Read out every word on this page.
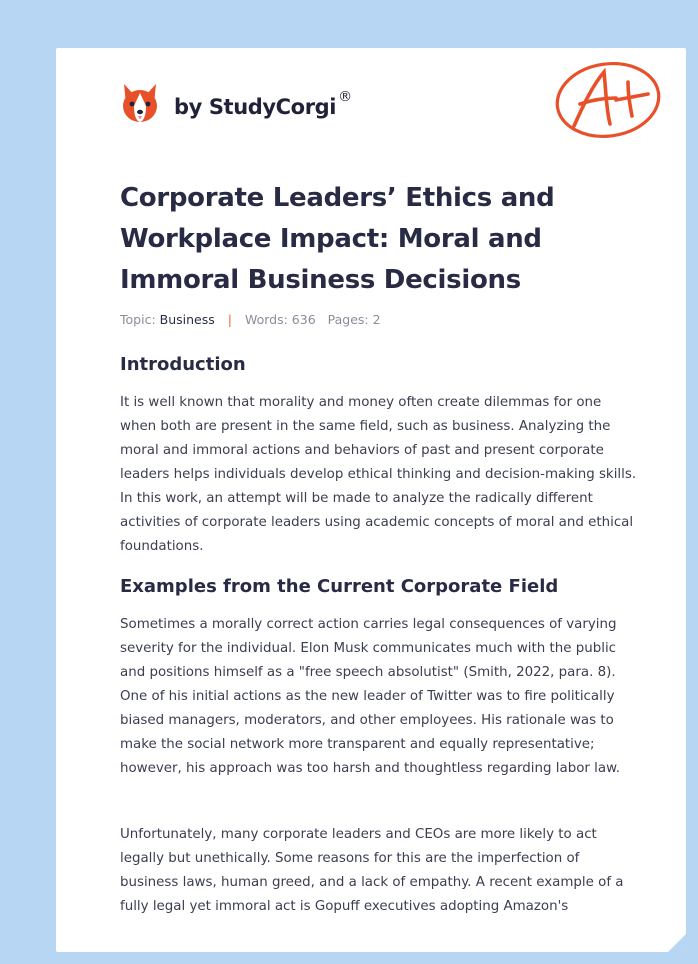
by StudyCorgi ®
Corporate Leaders’ Ethics and Workplace Impact: Moral and Immoral Business Decisions
Topic: Business | Words: 636 Pages: 2
Introduction

It is well known that morality and money often create dilemmas for one when both are present in the same field, such as business. Analyzing the moral and immoral actions and behaviors of past and present corporate leaders helps individuals develop ethical thinking and decision-making skills. In this work, an attempt will be made to analyze the radically different activities of corporate leaders using academic concepts of moral and ethical foundations.

Examples from the Current Corporate Field

Sometimes a morally correct action carries legal consequences of varying severity for the individual. Elon Musk communicates much with the public and positions himself as a "free speech absolutist" (Smith, 2022, para. 8). One of his initial actions as the new leader of Twitter was to fire politically biased managers, moderators, and other employees. His rationale was to make the social network more transparent and equally representative; however, his approach was too harsh and thoughtless regarding labor law.

Unfortunately, many corporate leaders and CEOs are more likely to act legally but unethically. Some reasons for this are the imperfection of business laws, human greed, and a lack of empathy. A recent example of a fully legal yet immoral act is Gopuff executives adopting Amazon's
